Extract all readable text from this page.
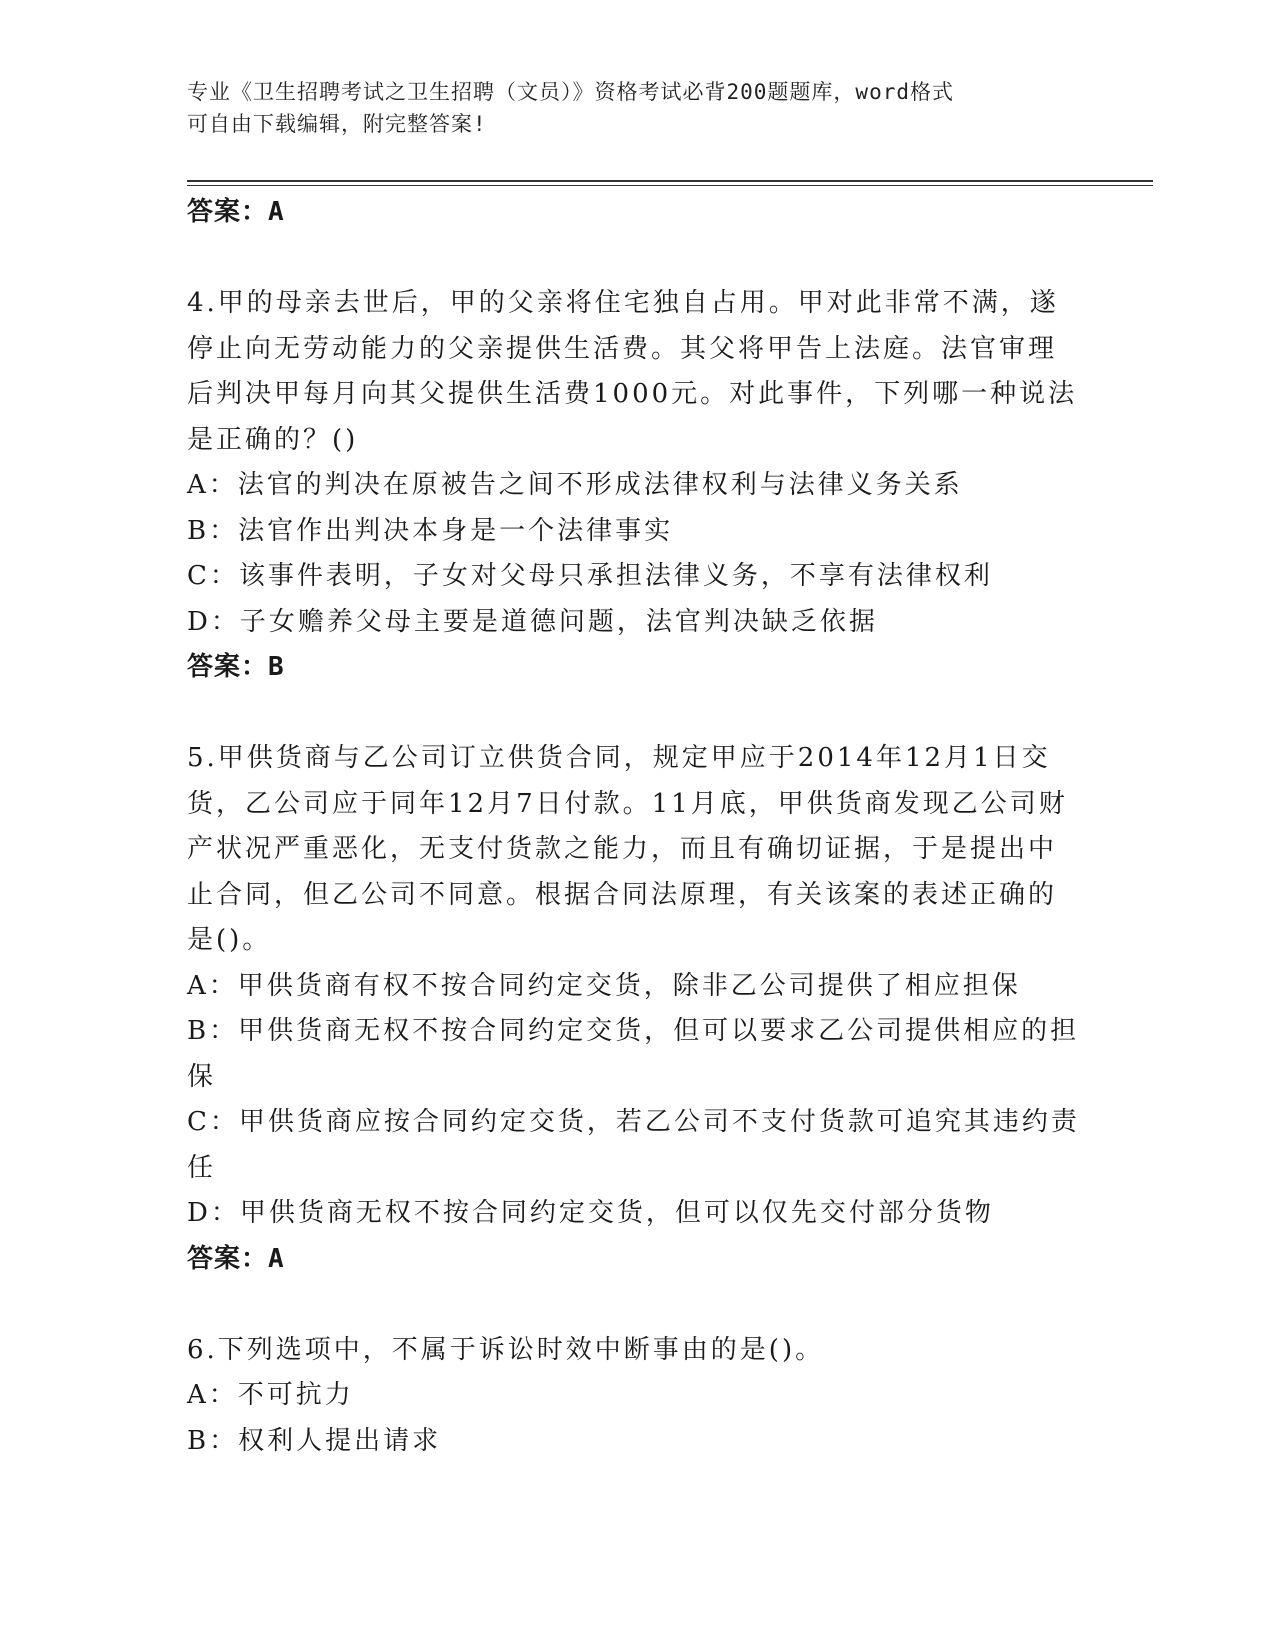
专业《卫生招聘考试之卫生招聘（文员）》资格考试必背200题题库，word格式
可自由下载编辑，附完整答案!

答案：A

4.甲的母亲去世后，甲的父亲将住宅独自占用。甲对此非常不满，遂

停止向无劳动能力的父亲提供生活费。其父将甲告上法庭。法官审理

后判决甲每月向其父提供生活费1000元。对此事件，下列哪一种说法

是正确的？()

A：法官的判决在原被告之间不形成法律权利与法律义务关系

B：法官作出判决本身是一个法律事实

C：该事件表明，子女对父母只承担法律义务，不享有法律权利

D：子女赡养父母主要是道德问题，法官判决缺乏依据

答案：B

5.甲供货商与乙公司订立供货合同，规定甲应于2014年12月1日交

货，乙公司应于同年12月7日付款。11月底，甲供货商发现乙公司财

产状况严重恶化，无支付货款之能力，而且有确切证据，于是提出中

止合同，但乙公司不同意。根据合同法原理，有关该案的表述正确的

是()。

A：甲供货商有权不按合同约定交货，除非乙公司提供了相应担保

B：甲供货商无权不按合同约定交货，但可以要求乙公司提供相应的担

保

C：甲供货商应按合同约定交货，若乙公司不支付货款可追究其违约责

任

D：甲供货商无权不按合同约定交货，但可以仅先交付部分货物

答案：A

6.下列选项中，不属于诉讼时效中断事由的是()。

A：不可抗力

B：权利人提出请求
